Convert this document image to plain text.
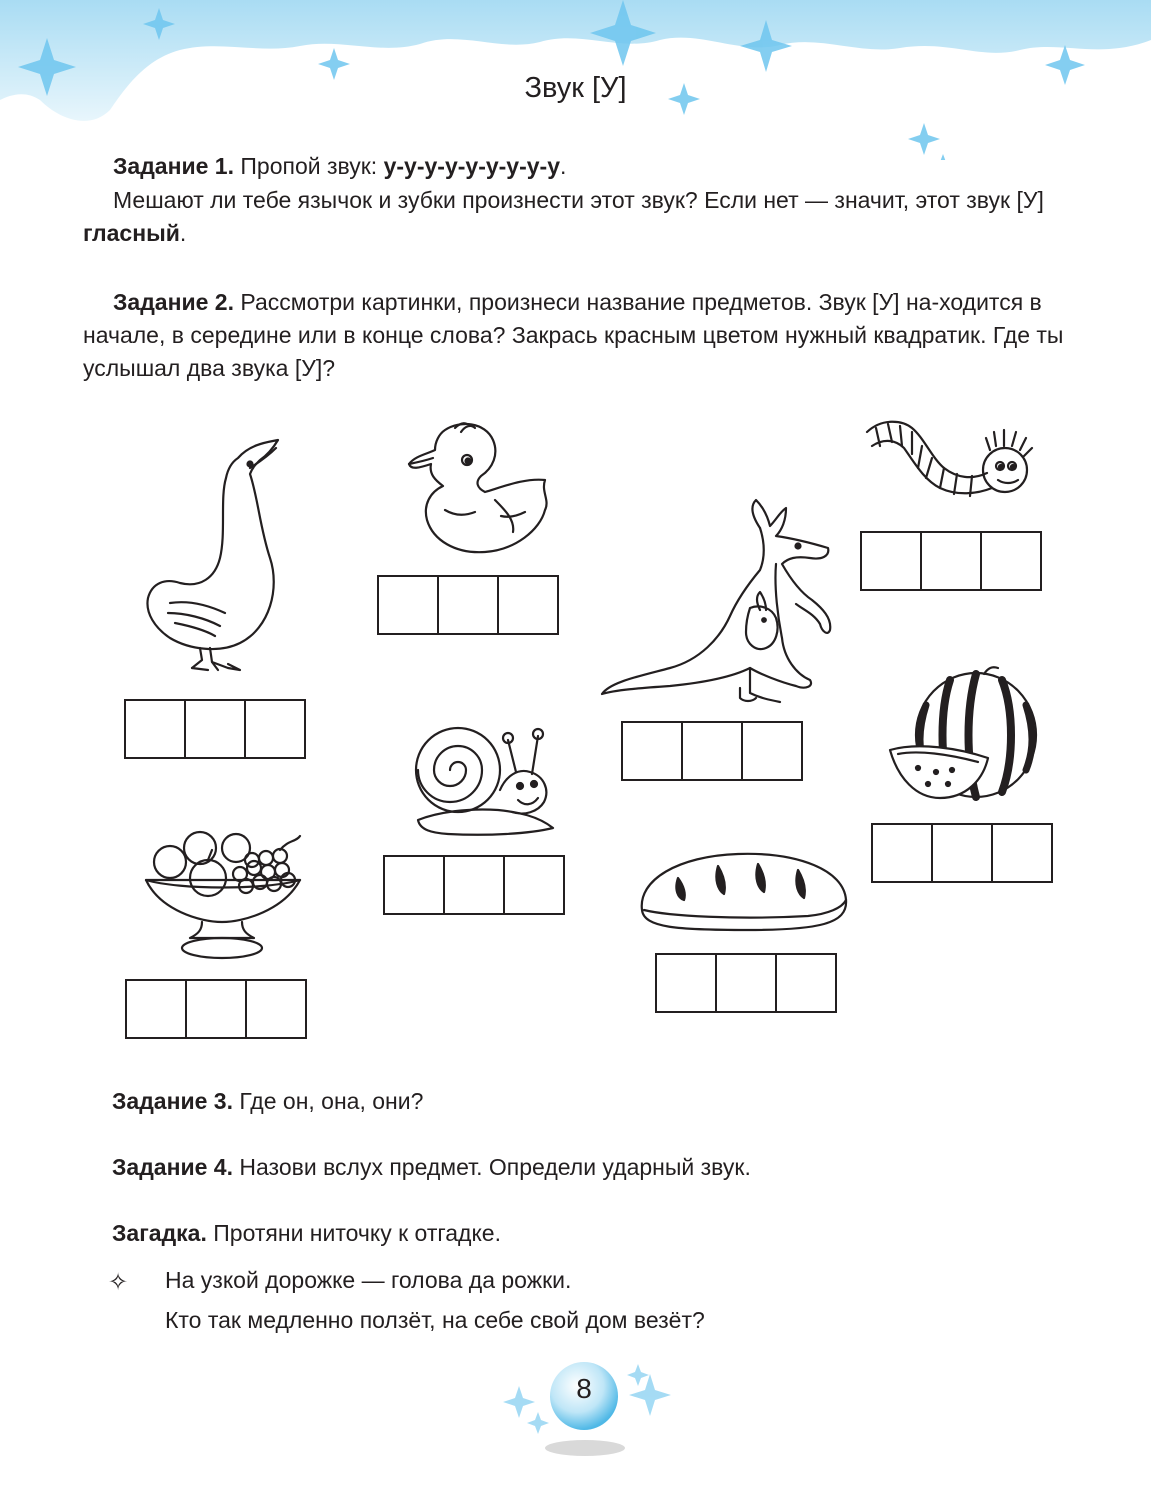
Звук [У]
Задание 1. Пропой звук: у-у-у-у-у-у-у-у-у.
Мешают ли тебе язычок и зубки произнести этот звук? Если нет — значит, этот звук [У] гласный.
Задание 2. Рассмотри картинки, произнеси название предметов. Звук [У] на-ходится в начале, в середине или в конце слова? Закрась красным цветом нужный квадратик. Где ты услышал два звука [У]?
Задание 3. Где он, она, они?
Задание 4. Назови вслух предмет. Определи ударный звук.
Загадка. Протяни ниточку к отгадке.
✧ На узкой дорожке — голова да рожки.
Кто так медленно ползёт, на себе свой дом везёт?
8
